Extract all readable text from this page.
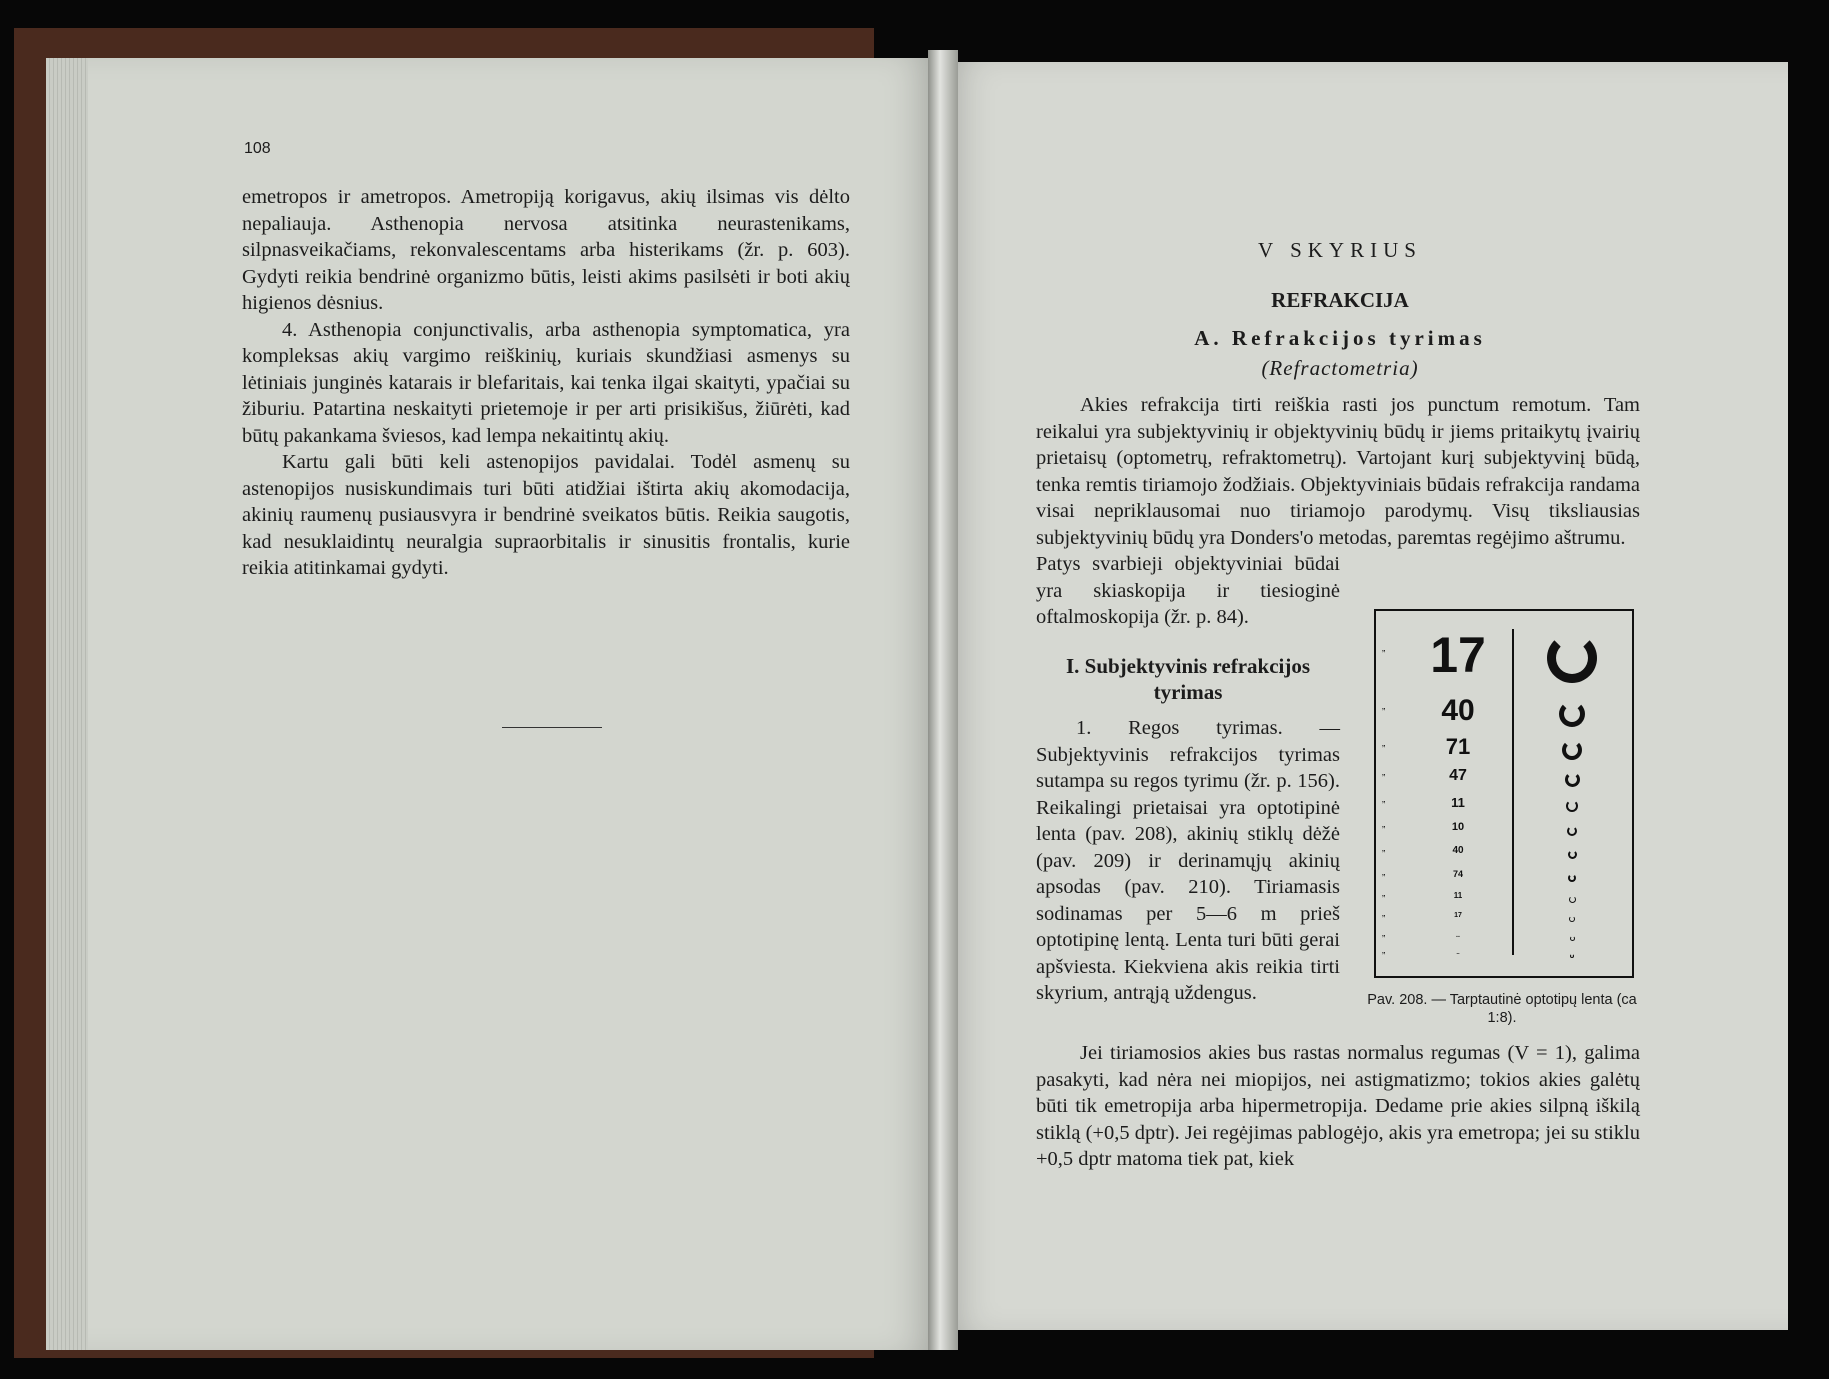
108

emetropos ir ametropos. Ametropiją korigavus, akių ilsimas vis dėlto nepaliauja. Asthenopia nervosa atsitinka neurastenikams, silpnasveikačiams, rekonvalescentams arba histerikams (žr. p. 603). Gydyti reikia bendrinė organizmo būtis, leisti akims pasilsėti ir boti akių higienos dėsnius.

4. Asthenopia conjunctivalis, arba asthenopia symptomatica, yra kompleksas akių vargimo reiškinių, kuriais skundžiasi asmenys su lėtiniais junginės katarais ir blefaritais, kai tenka ilgai skaityti, ypačiai su žiburiu. Patartina neskaityti prietemoje ir per arti prisikišus, žiūrėti, kad būtų pakankama šviesos, kad lempa nekaitintų akių.

Kartu gali būti keli astenopijos pavidalai. Todėl asmenų su astenopijos nusiskundimais turi būti atidžiai ištirta akių akomodacija, akinių raumenų pusiausvyra ir bendrinė sveikatos būtis. Reikia saugotis, kad nesuklaidintų neuralgia supraorbitalis ir sinusitis frontalis, kurie reikia atitinkamai gydyti.

V SKYRIUS
REFRAKCIJA
A. Refrakcijos tyrimas
(Refractometria)

Akies refrakcija tirti reiškia rasti jos punctum remotum. Tam reikalui yra subjektyvinių ir objektyvinių būdų ir jiems pritaikytų įvairių prietaisų (optometrų, refraktometrų). Vartojant kurį subjektyvinį būdą, tenka remtis tiriamojo žodžiais. Objektyviniais būdais refrakcija randama visai nepriklausomai nuo tiriamojo parodymų. Visų tiksliausias subjektyvinių būdų yra Donders'o metodas, paremtas regėjimo aštrumu.

I. Subjektyvinis refrakcijos tyrimas

1. Regos tyrimas. — Subjektyvinis refrakcijos tyrimas sutampa su regos tyrimu (žr. p. 156). Reikalingi prietaisai yra optotipinė lenta (pav. 208), akinių stiklų dėžė (pav. 209) ir derinamųjų akinių apsodas (pav. 210). Tiriamasis sodinamas per 5—6 m prieš optotipinę lentą. Lenta turi būti gerai apšviesta. Kiekviena akis reikia tirti skyrium, antrąją uždengus.

Jei tiriamosios akies bus rastas normalus regumas (V = 1), galima pasakyti, kad nėra nei miopijos, nei astigmatizmo; tokios akies galėtų būti tik emetropija arba hipermetropija. Dedame prie akies silpną iškilą stiklą (+0,5 dptr). Jei regėjimas pablogėjo, akis yra emetropa; jei su stiklu +0,5 dptr matoma tiek pat, kiek

17
”
40
”
71
”
47
”
11
”
10
”
40
”
74
”
11
”
17
”
..
”
..
”
Pav. 208. — Tarptautinė optotipų lenta (ca 1:8).
Patys svarbieji objektyviniai būdai yra skiaskopija ir tiesioginė oftalmoskopija (žr. p. 84).
